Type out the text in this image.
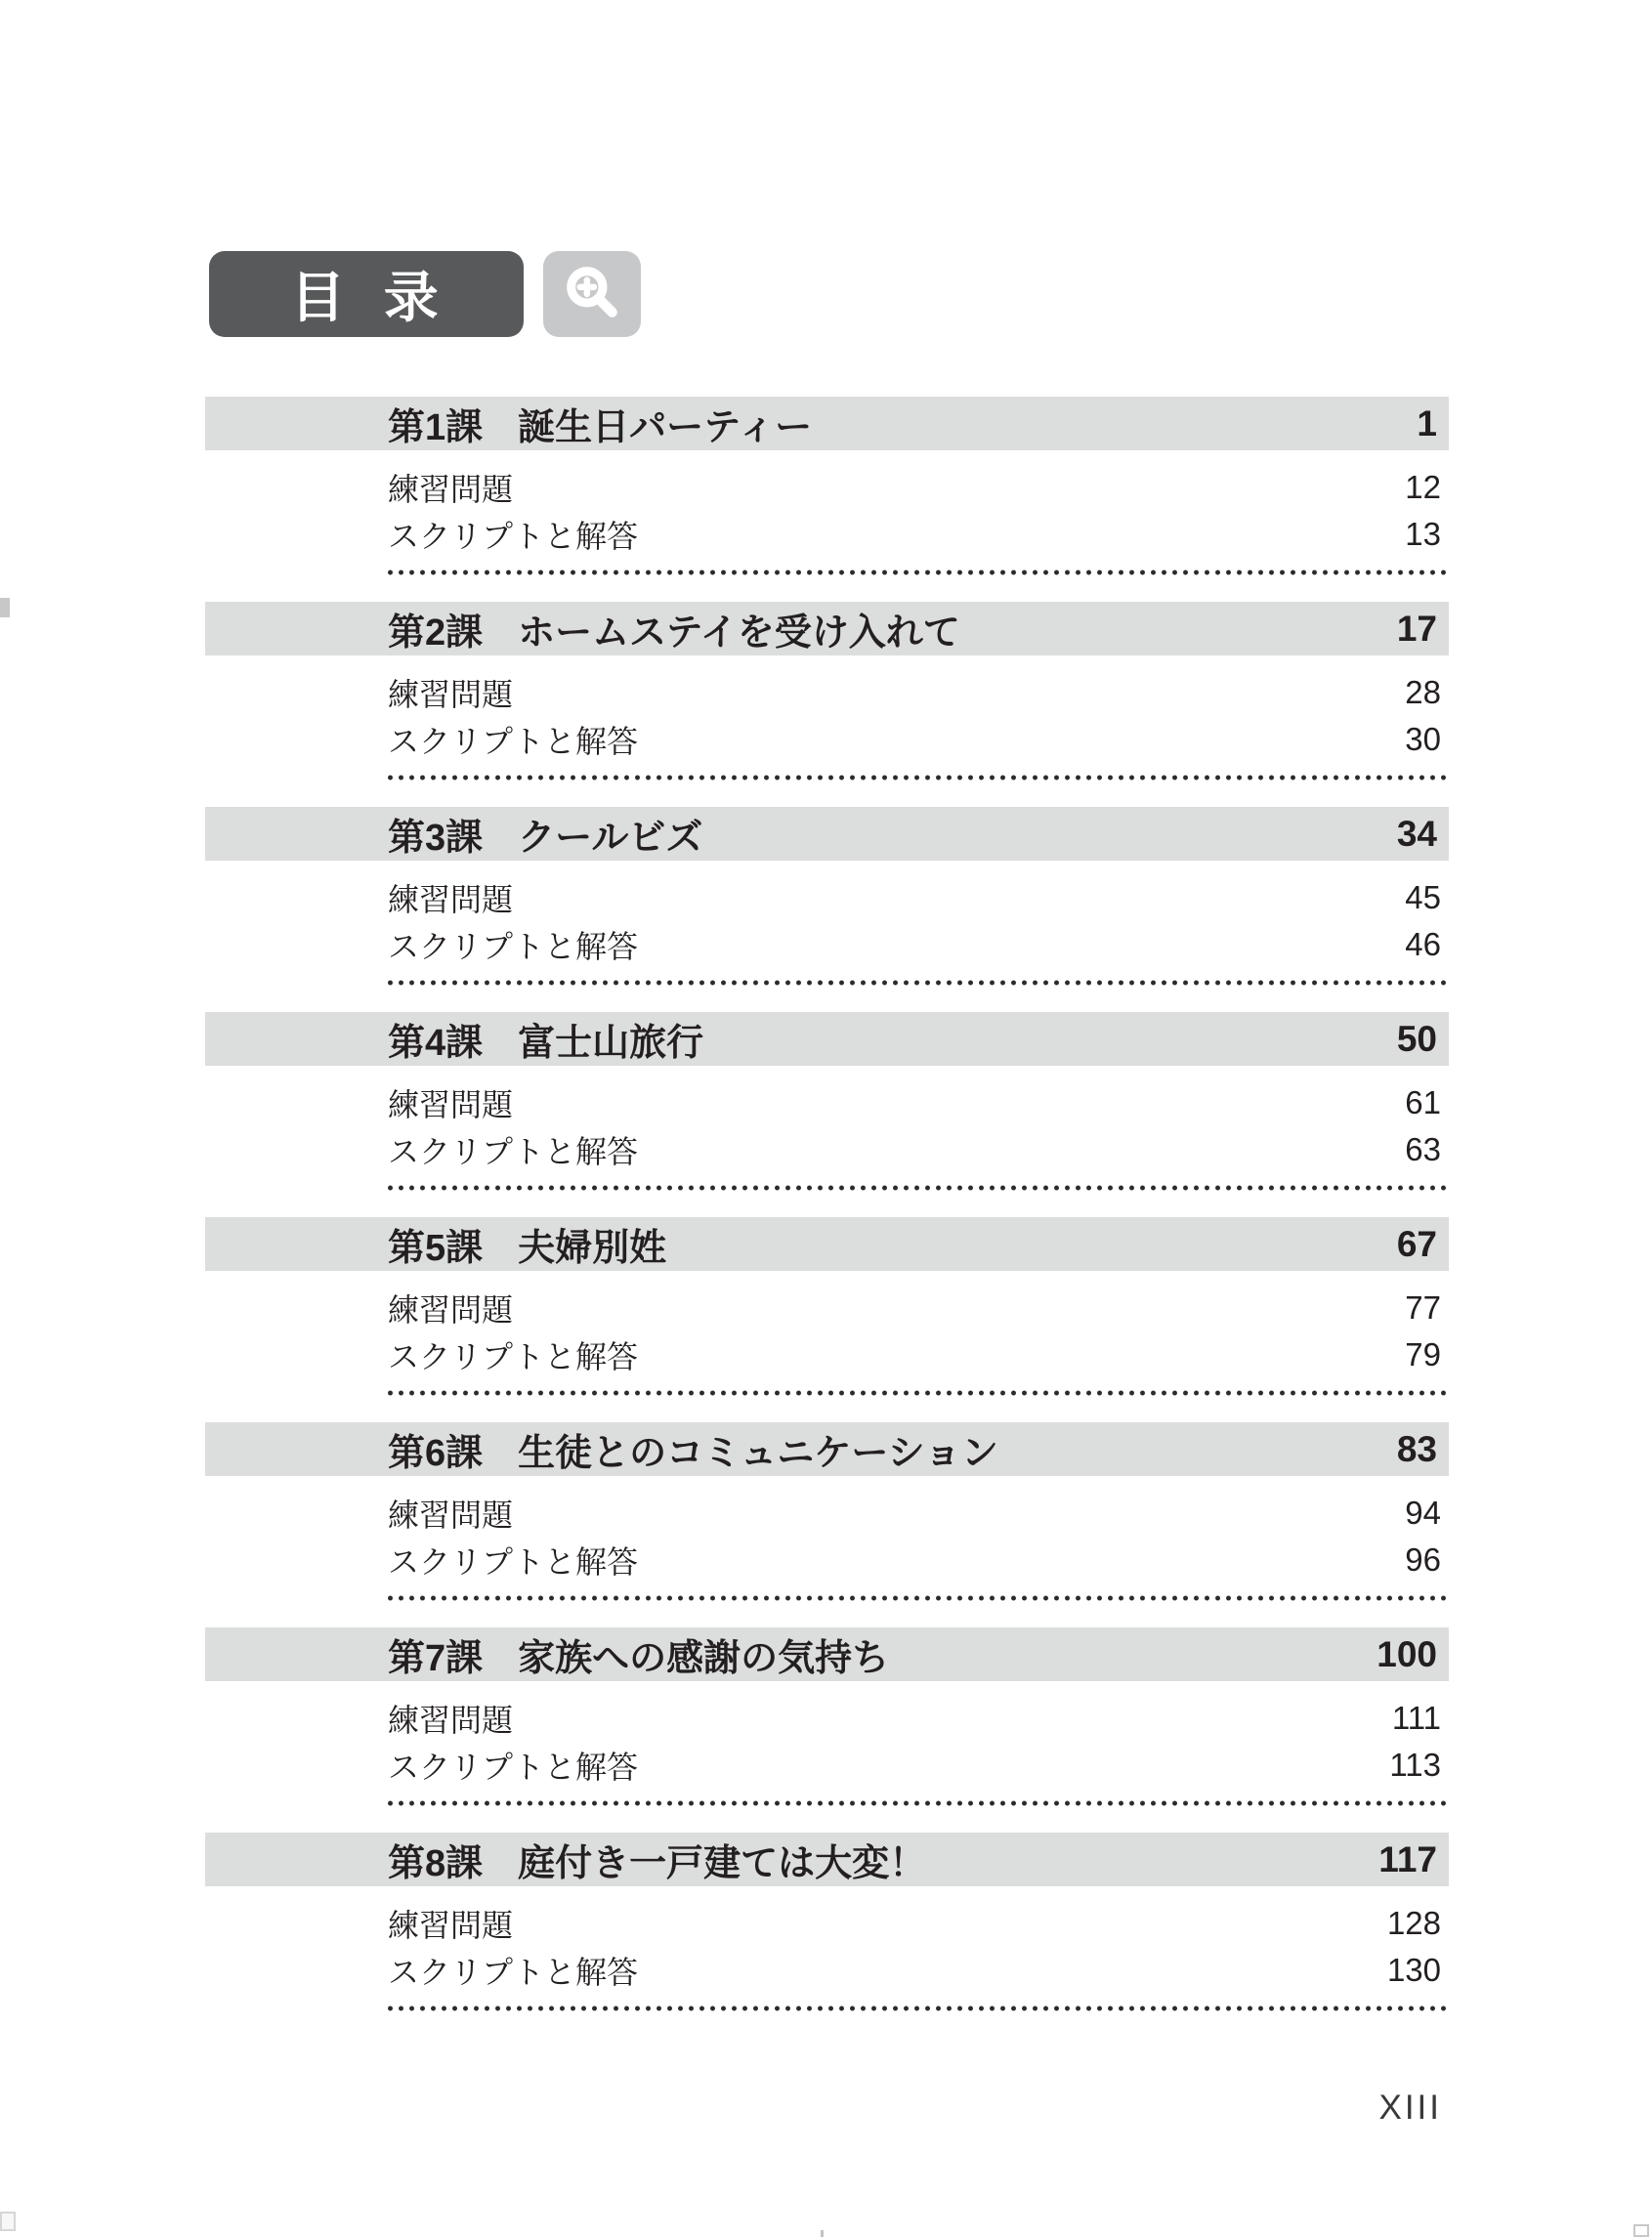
目 录
第1課 誕生日パーティー	1
練習問題	12
スクリプトと解答	13
第2課 ホームステイを受け入れて	17
練習問題	28
スクリプトと解答	30
第3課 クールビズ	34
練習問題	45
スクリプトと解答	46
第4課 富士山旅行	50
練習問題	61
スクリプトと解答	63
第5課 夫婦別姓	67
練習問題	77
スクリプトと解答	79
第6課 生徒とのコミュニケーション	83
練習問題	94
スクリプトと解答	96
第7課 家族への感謝の気持ち	100
練習問題	111
スクリプトと解答	113
第8課 庭付き一戸建ては大変！	117
練習問題	128
スクリプトと解答	130
XIII
